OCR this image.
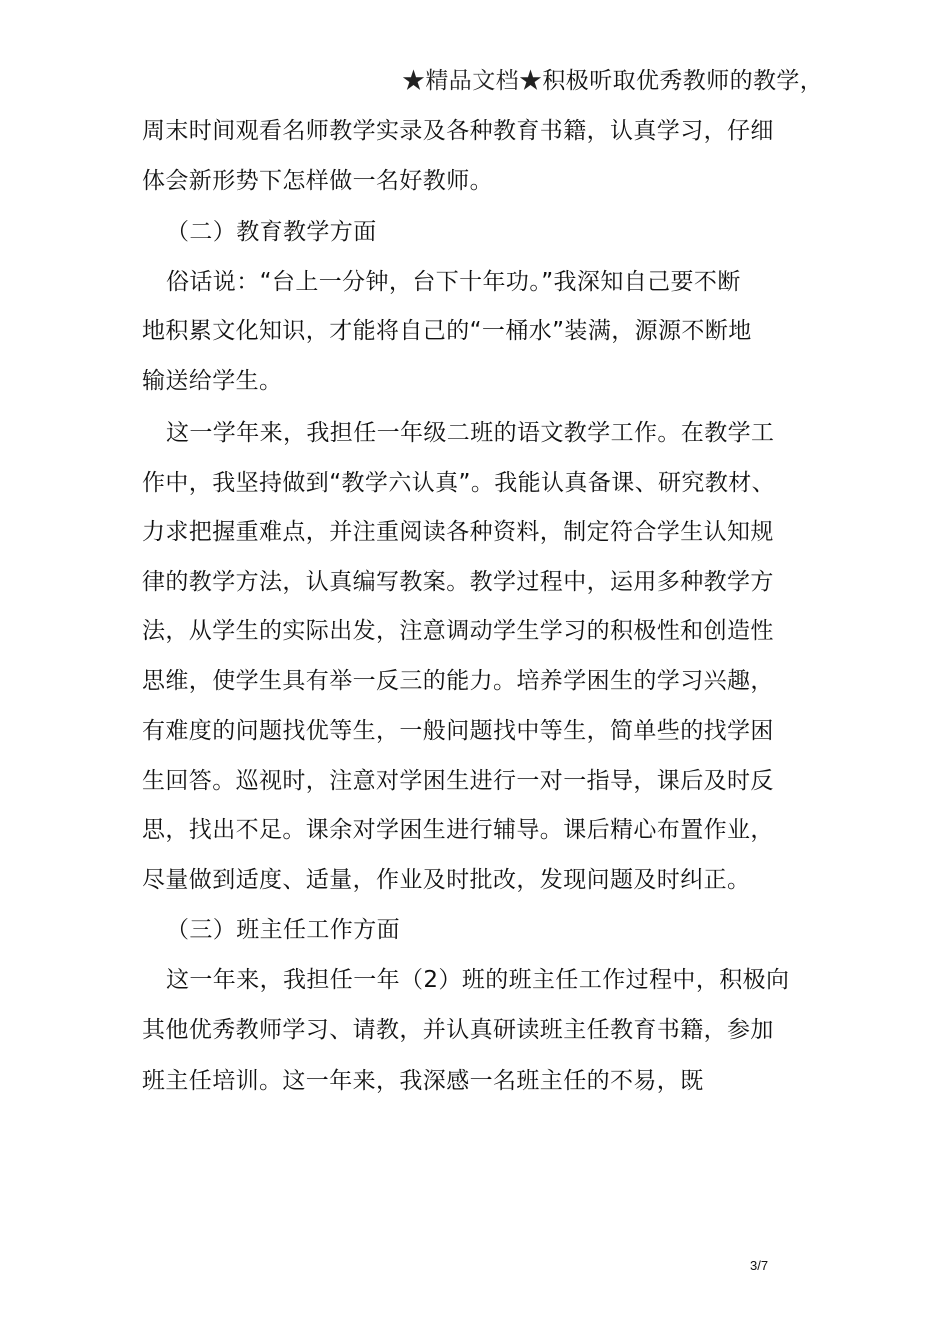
★精品文档★积极听取优秀教师的教学，
周末时间观看名师教学实录及各种教育书籍，认真学习，仔细
体会新形势下怎样做一名好教师。
（二）教育教学方面
俗话说：“台上一分钟，台下十年功。”我深知自己要不断
地积累文化知识，才能将自己的“一桶水”装满，源源不断地
输送给学生。
这一学年来，我担任一年级二班的语文教学工作。在教学工
作中，我坚持做到“教学六认真”。我能认真备课、研究教材、
力求把握重难点，并注重阅读各种资料，制定符合学生认知规
律的教学方法，认真编写教案。教学过程中，运用多种教学方
法，从学生的实际出发，注意调动学生学习的积极性和创造性
思维，使学生具有举一反三的能力。培养学困生的学习兴趣，
有难度的问题找优等生，一般问题找中等生，简单些的找学困
生回答。巡视时，注意对学困生进行一对一指导，课后及时反
思，找出不足。课余对学困生进行辅导。课后精心布置作业，
尽量做到适度、适量，作业及时批改，发现问题及时纠正。
（三）班主任工作方面
这一年来，我担任一年（2）班的班主任工作过程中，积极向
其他优秀教师学习、请教，并认真研读班主任教育书籍，参加
班主任培训。这一年来，我深感一名班主任的不易，既
3/7
